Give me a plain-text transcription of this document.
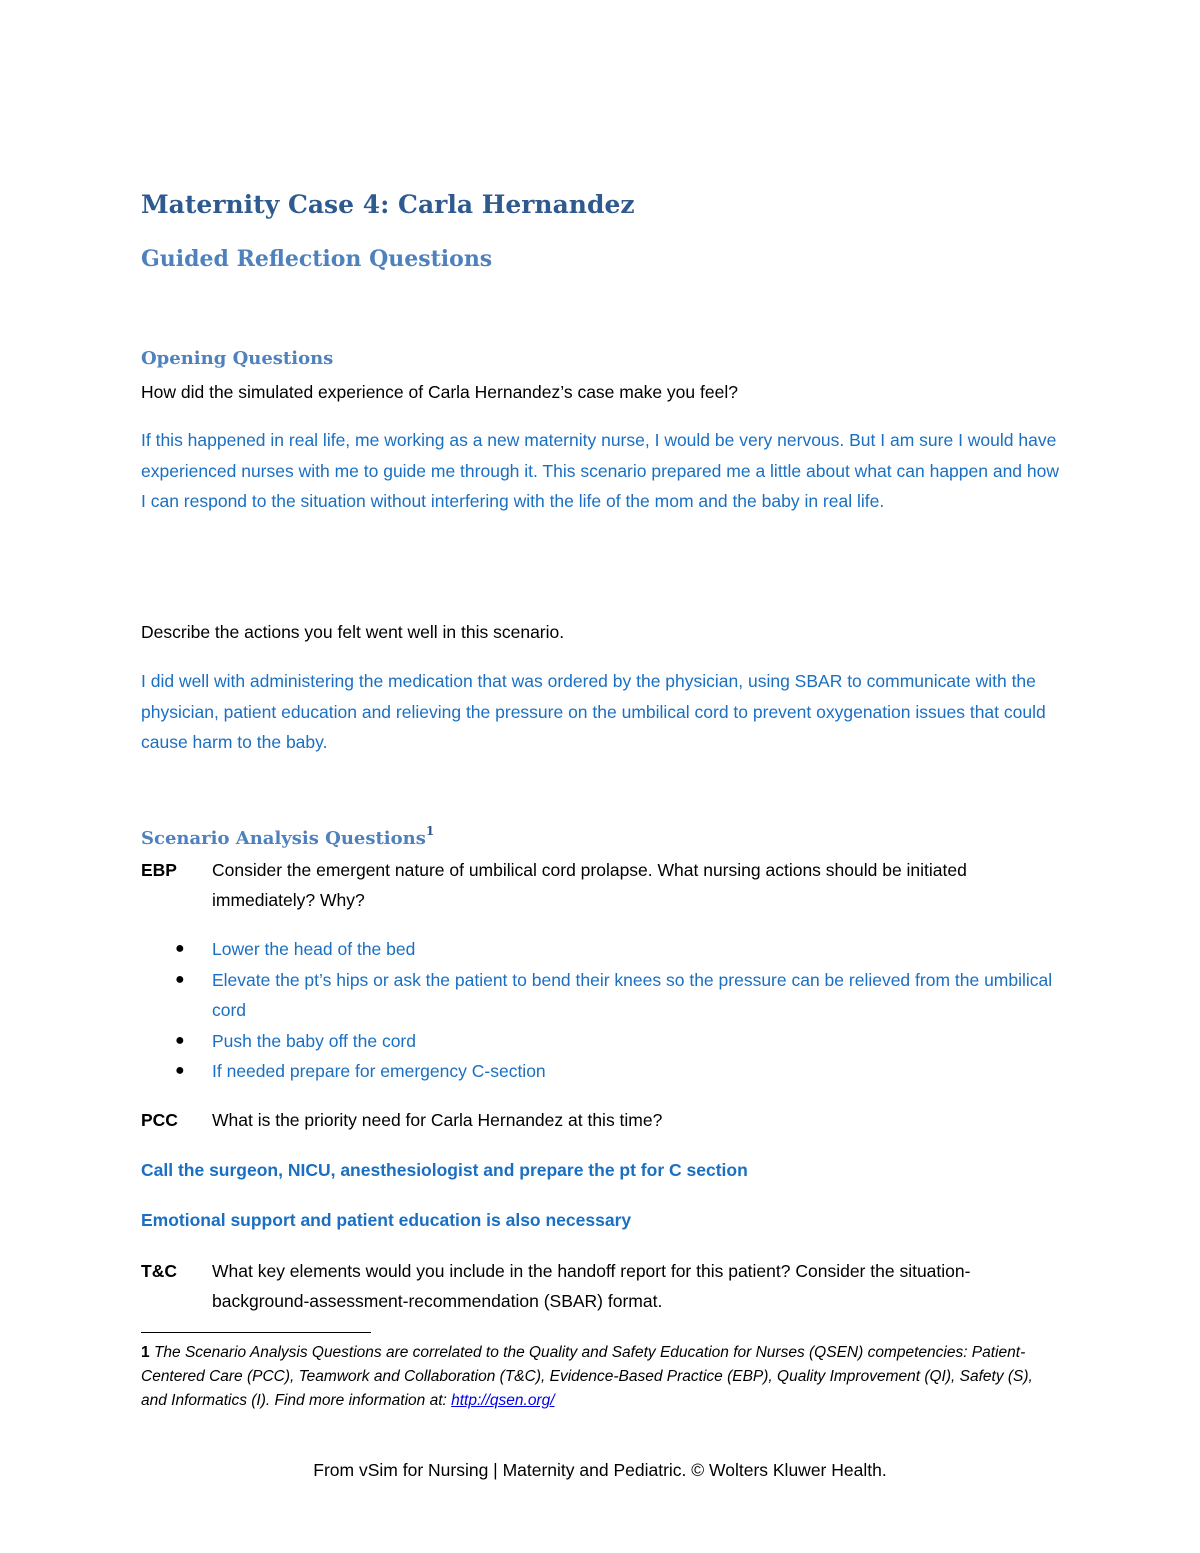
Maternity Case 4: Carla Hernandez
Guided Reflection Questions
Opening Questions

How did the simulated experience of Carla Hernandez’s case make you feel?

If this happened in real life, me working as a new maternity nurse, I would be very nervous. But I am sure I would have experienced nurses with me to guide me through it. This scenario prepared me a little about what can happen and how I can respond to the situation without interfering with the life of the mom and the baby in real life.

Describe the actions you felt went well in this scenario.

I did well with administering the medication that was ordered by the physician, using SBAR to communicate with the physician, patient education and relieving the pressure on the umbilical cord to prevent oxygenation issues that could cause harm to the baby.

Scenario Analysis Questions$^1$
EBP Consider the emergent nature of umbilical cord prolapse. What nursing actions should be initiated immediately? Why?
● Lower the head of the bed
● Elevate the pt’s hips or ask the patient to bend their knees so the pressure can be relieved from the umbilical cord
● Push the baby off the cord
● If needed prepare for emergency C-section
PCC What is the priority need for Carla Hernandez at this time?

Call the surgeon, NICU, anesthesiologist and prepare the pt for C section

Emotional support and patient education is also necessary

T&C What key elements would you include in the handoff report for this patient? Consider the situation-background-assessment-recommendation (SBAR) format.

1 The Scenario Analysis Questions are correlated to the Quality and Safety Education for Nurses (QSEN) competencies: Patient-Centered Care (PCC), Teamwork and Collaboration (T&C), Evidence-Based Practice (EBP), Quality Improvement (QI), Safety (S), and Informatics (I). Find more information at: http://qsen.org/

From vSim for Nursing | Maternity and Pediatric. © Wolters Kluwer Health.
